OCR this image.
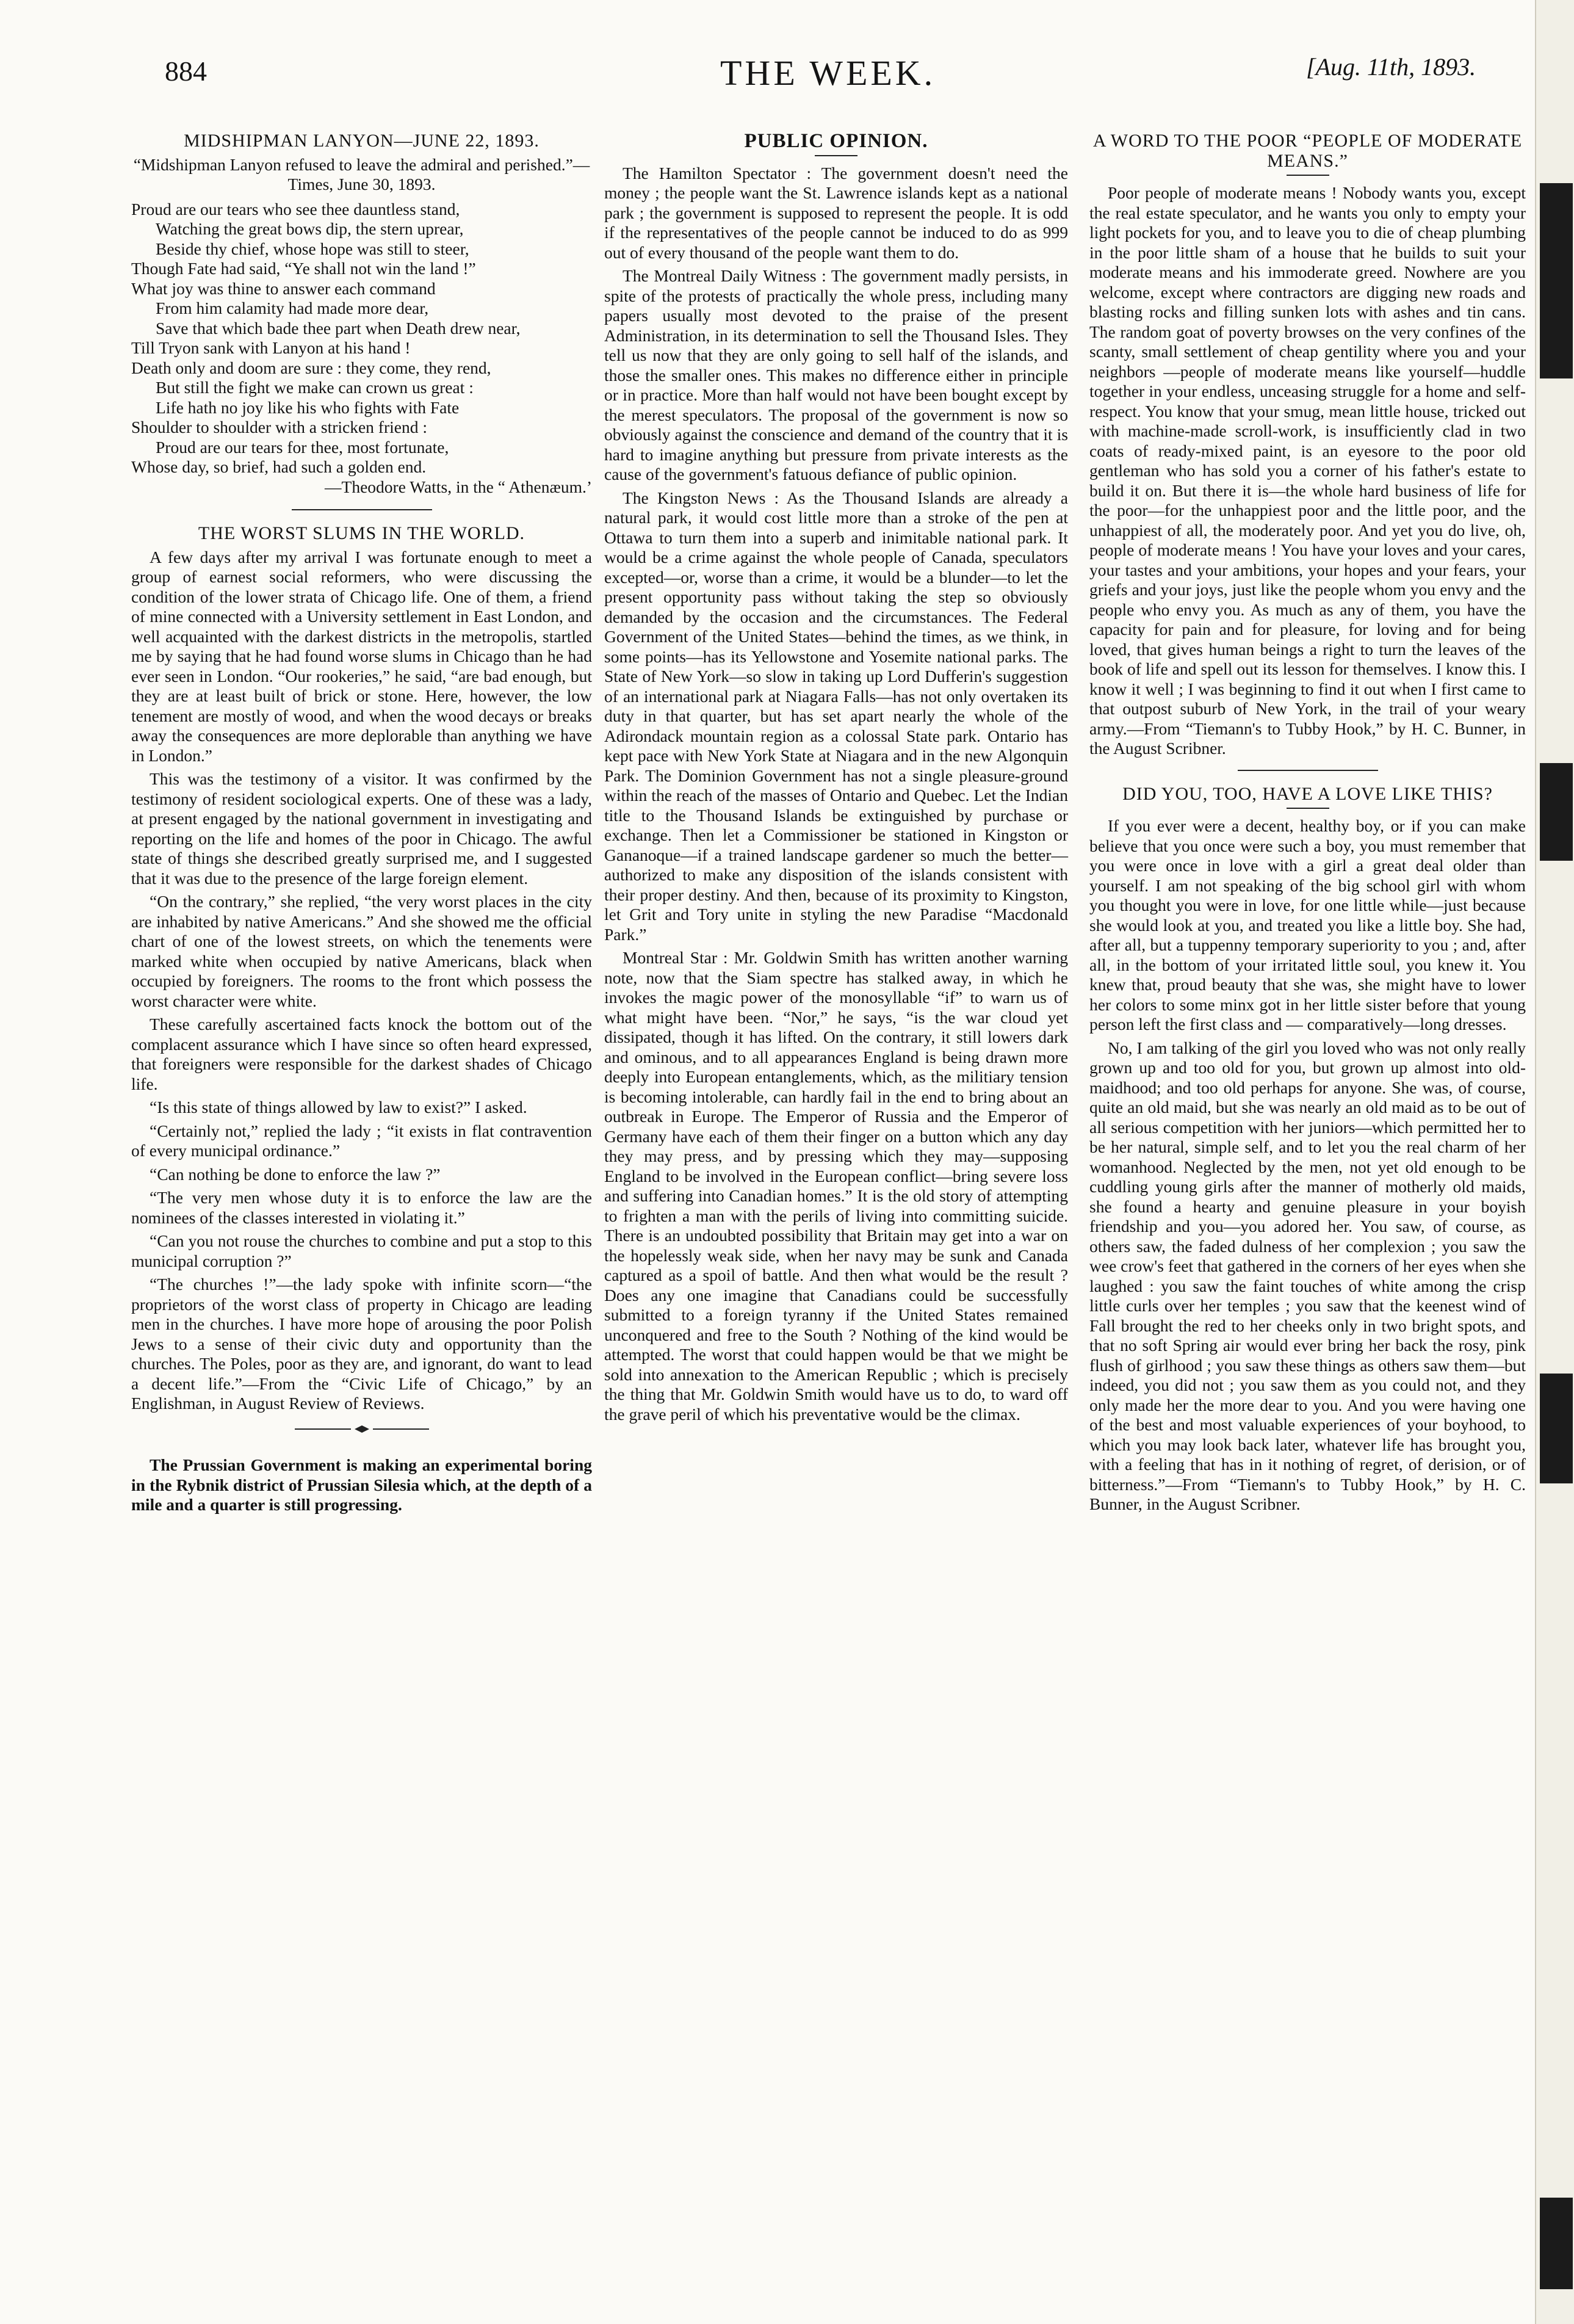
884	THE WEEK.	[Aug. 11th, 1893.
MIDSHIPMAN LANYON—JUNE 22, 1893.
“Midshipman Lanyon refused to leave the admiral and perished.”—Times, June 30, 1893.

Proud are our tears who see thee dauntless stand,

Watching the great bows dip, the stern uprear,

Beside thy chief, whose hope was still to steer,

Though Fate had said, “Ye shall not win the land !”

What joy was thine to answer each command

From him calamity had made more dear,

Save that which bade thee part when Death drew near,

Till Tryon sank with Lanyon at his hand !

Death only and doom are sure : they come, they rend,

But still the fight we make can crown us great :

Life hath no joy like his who fights with Fate

Shoulder to shoulder with a stricken friend :

Proud are our tears for thee, most fortunate,

Whose day, so brief, had such a golden end.

—Theodore Watts, in the “ Athenæum.’
THE WORST SLUMS IN THE WORLD.

A few days after my arrival I was fortunate enough to meet a group of earnest social reformers, who were discussing the condition of the lower strata of Chicago life. One of them, a friend of mine connected with a University settlement in East London, and well acquainted with the darkest districts in the metropolis, startled me by saying that he had found worse slums in Chicago than he had ever seen in London. “Our rookeries,” he said, “are bad enough, but they are at least built of brick or stone. Here, however, the low tenement are mostly of wood, and when the wood decays or breaks away the consequences are more deplorable than anything we have in London.”

This was the testimony of a visitor. It was confirmed by the testimony of resident sociological experts. One of these was a lady, at present engaged by the national government in investigating and reporting on the life and homes of the poor in Chicago. The awful state of things she described greatly surprised me, and I suggested that it was due to the presence of the large foreign element.

“On the contrary,” she replied, “the very worst places in the city are inhabited by native Americans.” And she showed me the official chart of one of the lowest streets, on which the tenements were marked white when occupied by native Americans, black when occupied by foreigners. The rooms to the front which possess the worst character were white.

These carefully ascertained facts knock the bottom out of the complacent assurance which I have since so often heard expressed, that foreigners were responsible for the darkest shades of Chicago life.

“Is this state of things allowed by law to exist?” I asked.

“Certainly not,” replied the lady ; “it exists in flat contravention of every municipal ordinance.”

“Can nothing be done to enforce the law ?”

“The very men whose duty it is to enforce the law are the nominees of the classes interested in violating it.”

“Can you not rouse the churches to combine and put a stop to this municipal corruption ?”

“The churches !”—the lady spoke with infinite scorn—“the proprietors of the worst class of property in Chicago are leading men in the churches. I have more hope of arousing the poor Polish Jews to a sense of their civic duty and opportunity than the churches. The Poles, poor as they are, and ignorant, do want to lead a decent life.”—From the “Civic Life of Chicago,” by an Englishman, in August Review of Reviews.

The Prussian Government is making an experimental boring in the Rybnik district of Prussian Silesia which, at the depth of a mile and a quarter is still progressing.

PUBLIC OPINION.

The Hamilton Spectator : The government doesn't need the money ; the people want the St. Lawrence islands kept as a national park ; the government is supposed to represent the people. It is odd if the representatives of the people cannot be induced to do as 999 out of every thousand of the people want them to do.

The Montreal Daily Witness : The government madly persists, in spite of the protests of practically the whole press, including many papers usually most devoted to the praise of the present Administration, in its determination to sell the Thousand Isles. They tell us now that they are only going to sell half of the islands, and those the smaller ones. This makes no difference either in principle or in practice. More than half would not have been bought except by the merest speculators. The proposal of the government is now so obviously against the conscience and demand of the country that it is hard to imagine anything but pressure from private interests as the cause of the government's fatuous defiance of public opinion.

The Kingston News : As the Thousand Islands are already a natural park, it would cost little more than a stroke of the pen at Ottawa to turn them into a superb and inimitable national park. It would be a crime against the whole people of Canada, speculators excepted—or, worse than a crime, it would be a blunder—to let the present opportunity pass without taking the step so obviously demanded by the occasion and the circumstances. The Federal Government of the United States—behind the times, as we think, in some points—has its Yellowstone and Yosemite national parks. The State of New York—so slow in taking up Lord Dufferin's suggestion of an international park at Niagara Falls—has not only overtaken its duty in that quarter, but has set apart nearly the whole of the Adirondack mountain region as a colossal State park. Ontario has kept pace with New York State at Niagara and in the new Algonquin Park. The Dominion Government has not a single pleasure-ground within the reach of the masses of Ontario and Quebec. Let the Indian title to the Thousand Islands be extinguished by purchase or exchange. Then let a Commissioner be stationed in Kingston or Gananoque—if a trained landscape gardener so much the better—authorized to make any disposition of the islands consistent with their proper destiny. And then, because of its proximity to Kingston, let Grit and Tory unite in styling the new Paradise “Macdonald Park.”

Montreal Star : Mr. Goldwin Smith has written another warning note, now that the Siam spectre has stalked away, in which he invokes the magic power of the monosyllable “if” to warn us of what might have been. “Nor,” he says, “is the war cloud yet dissipated, though it has lifted. On the contrary, it still lowers dark and ominous, and to all appearances England is being drawn more deeply into European entanglements, which, as the militiary tension is becoming intolerable, can hardly fail in the end to bring about an outbreak in Europe. The Emperor of Russia and the Emperor of Germany have each of them their finger on a button which any day they may press, and by pressing which they may—supposing England to be involved in the European conflict—bring severe loss and suffering into Canadian homes.” It is the old story of attempting to frighten a man with the perils of living into committing suicide. There is an undoubted possibility that Britain may get into a war on the hopelessly weak side, when her navy may be sunk and Canada captured as a spoil of battle. And then what would be the result ? Does any one imagine that Canadians could be successfully submitted to a foreign tyranny if the United States remained unconquered and free to the South ? Nothing of the kind would be attempted. The worst that could happen would be that we might be sold into annexation to the American Republic ; which is precisely the thing that Mr. Goldwin Smith would have us to do, to ward off the grave peril of which his preventative would be the climax.

A WORD TO THE POOR “PEOPLE OF MODERATE MEANS.”

Poor people of moderate means ! Nobody wants you, except the real estate speculator, and he wants you only to empty your light pockets for you, and to leave you to die of cheap plumbing in the poor little sham of a house that he builds to suit your moderate means and his immoderate greed. Nowhere are you welcome, except where contractors are digging new roads and blasting rocks and filling sunken lots with ashes and tin cans. The random goat of poverty browses on the very confines of the scanty, small settlement of cheap gentility where you and your neighbors —people of moderate means like yourself—huddle together in your endless, unceasing struggle for a home and self-respect. You know that your smug, mean little house, tricked out with machine-made scroll-work, is insufficiently clad in two coats of ready-mixed paint, is an eyesore to the poor old gentleman who has sold you a corner of his father's estate to build it on. But there it is—the whole hard business of life for the poor—for the unhappiest poor and the little poor, and the unhappiest of all, the moderately poor. And yet you do live, oh, people of moderate means ! You have your loves and your cares, your tastes and your ambitions, your hopes and your fears, your griefs and your joys, just like the people whom you envy and the people who envy you. As much as any of them, you have the capacity for pain and for pleasure, for loving and for being loved, that gives human beings a right to turn the leaves of the book of life and spell out its lesson for themselves. I know this. I know it well ; I was beginning to find it out when I first came to that outpost suburb of New York, in the trail of your weary army.—From “Tiemann's to Tubby Hook,” by H. C. Bunner, in the August Scribner.

DID YOU, TOO, HAVE A LOVE LIKE THIS?

If you ever were a decent, healthy boy, or if you can make believe that you once were such a boy, you must remember that you were once in love with a girl a great deal older than yourself. I am not speaking of the big school girl with whom you thought you were in love, for one little while—just because she would look at you, and treated you like a little boy. She had, after all, but a tuppenny temporary superiority to you ; and, after all, in the bottom of your irritated little soul, you knew it. You knew that, proud beauty that she was, she might have to lower her colors to some minx got in her little sister before that young person left the first class and — comparatively—long dresses.

No, I am talking of the girl you loved who was not only really grown up and too old for you, but grown up almost into old-maidhood; and too old perhaps for anyone. She was, of course, quite an old maid, but she was nearly an old maid as to be out of all serious competition with her juniors—which permitted her to be her natural, simple self, and to let you the real charm of her womanhood. Neglected by the men, not yet old enough to be cuddling young girls after the manner of motherly old maids, she found a hearty and genuine pleasure in your boyish friendship and you—you adored her. You saw, of course, as others saw, the faded dulness of her complexion ; you saw the wee crow's feet that gathered in the corners of her eyes when she laughed : you saw the faint touches of white among the crisp little curls over her temples ; you saw that the keenest wind of Fall brought the red to her cheeks only in two bright spots, and that no soft Spring air would ever bring her back the rosy, pink flush of girlhood ; you saw these things as others saw them—but indeed, you did not ; you saw them as you could not, and they only made her the more dear to you. And you were having one of the best and most valuable experiences of your boyhood, to which you may look back later, whatever life has brought you, with a feeling that has in it nothing of regret, of derision, or of bitterness.”—From “Tiemann's to Tubby Hook,” by H. C. Bunner, in the August Scribner.
